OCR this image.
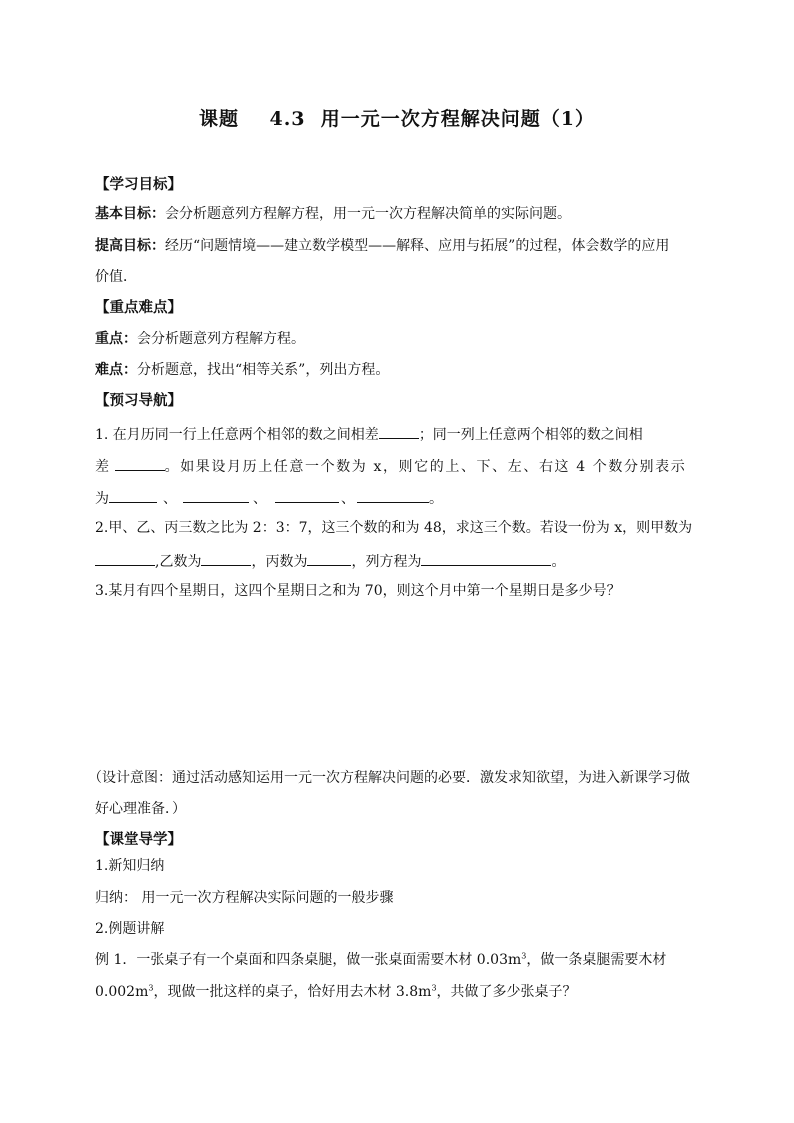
课题    4.3  用一元一次方程解决问题（1）
【学习目标】
基本目标：会分析题意列方程解方程，用一元一次方程解决简单的实际问题。
提高目标：经历“问题情境——建立数学模型——解释、应用与拓展”的过程，体会数学的应用
价值．
【重点难点】
重点：会分析题意列方程解方程。
难点：分析题意，找出“相等关系”，列出方程。
【预习导航】
1. 在月历同一行上任意两个相邻的数之间相差	；同一列上任意两个相邻的数之间相
差	。如果设月历上任意一个数为 x，则它的上、下、左、右这 4 个数分别表示
为	、	、	、	。
2.甲、乙、丙三数之比为 2：3：7，这三个数的和为 48，求这三个数。若设一份为 x，则甲数为
,乙数为	，丙数为	，列方程为	。
3.某月有四个星期日，这四个星期日之和为 70，则这个月中第一个星期日是多少号？
（设计意图：通过活动感知运用一元一次方程解决问题的必要．激发求知欲望，为进入新课学习做
好心理准备．）
【课堂导学】
1.新知归纳
归纳： 用一元一次方程解决实际问题的一般步骤
2.例题讲解
例 1．一张桌子有一个桌面和四条桌腿，做一张桌面需要木材 $0.03m^3$，做一条桌腿需要木材
$0.002m^3$，现做一批这样的桌子，恰好用去木材 $3.8m^3$，共做了多少张桌子？
